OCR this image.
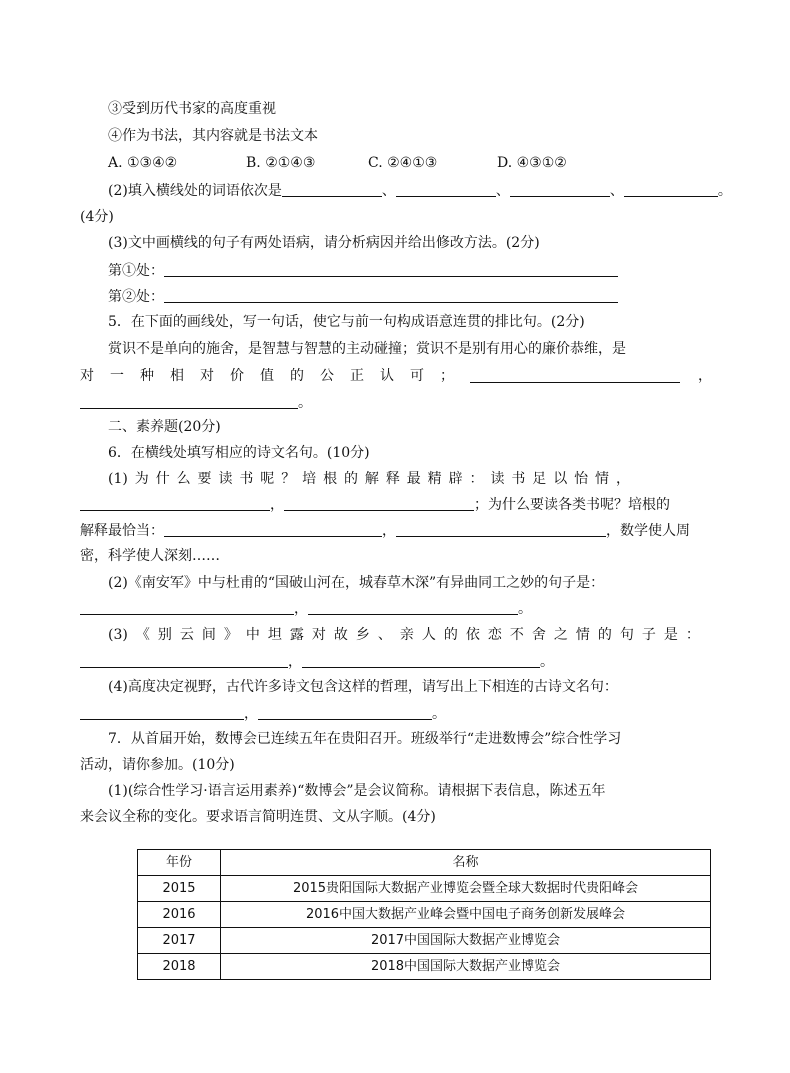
③受到历代书家的高度重视
④作为书法，其内容就是书法文本
A. ①③④②	B. ②①④③	C. ②④①③	D. ④③①②
(2)填入横线处的词语依次是	、	、	、	。
(4分)
(3)文中画横线的句子有两处语病，请分析病因并给出修改方法。(2分)
第①处：
第②处：
5．在下面的画线处，写一句话，使它与前一句构成语意连贯的排比句。(2分)
赏识不是单向的施舍，是智慧与智慧的主动碰撞；赏识不是别有用心的廉价恭维，是
对 一 种 相 对 价 值 的 公 正 认 可 ；	，
。
二、素养题(20分)
6．在横线处填写相应的诗文名句。(10分)
(1) 为 什 么 要 读 书 呢 ？ 培 根 的 解 释 最 精 辟 ： 读 书 足 以 怡 情 ，
，	；为什么要读各类书呢？培根的
解释最恰当：	，	，数学使人周
密，科学使人深刻……
(2)《南安军》中与杜甫的“国破山河在，城春草木深”有异曲同工之妙的句子是：
，	。
(3) 《 别 云 间 》 中 坦 露 对 故 乡 、 亲 人 的 依 恋 不 舍 之 情 的 句 子 是 ：
，	。
(4)高度决定视野，古代许多诗文包含这样的哲理，请写出上下相连的古诗文名句：
，	。
7．从首届开始，数博会已连续五年在贵阳召开。班级举行“走进数博会”综合性学习
活动，请你参加。(10分)
(1)(综合性学习·语言运用素养)“数博会”是会议简称。请根据下表信息，陈述五年
来会议全称的变化。要求语言简明连贯、文从字顺。(4分)
年份	名称
2015	2015贵阳国际大数据产业博览会暨全球大数据时代贵阳峰会
2016	2016中国大数据产业峰会暨中国电子商务创新发展峰会
2017	2017中国国际大数据产业博览会
2018	2018中国国际大数据产业博览会
